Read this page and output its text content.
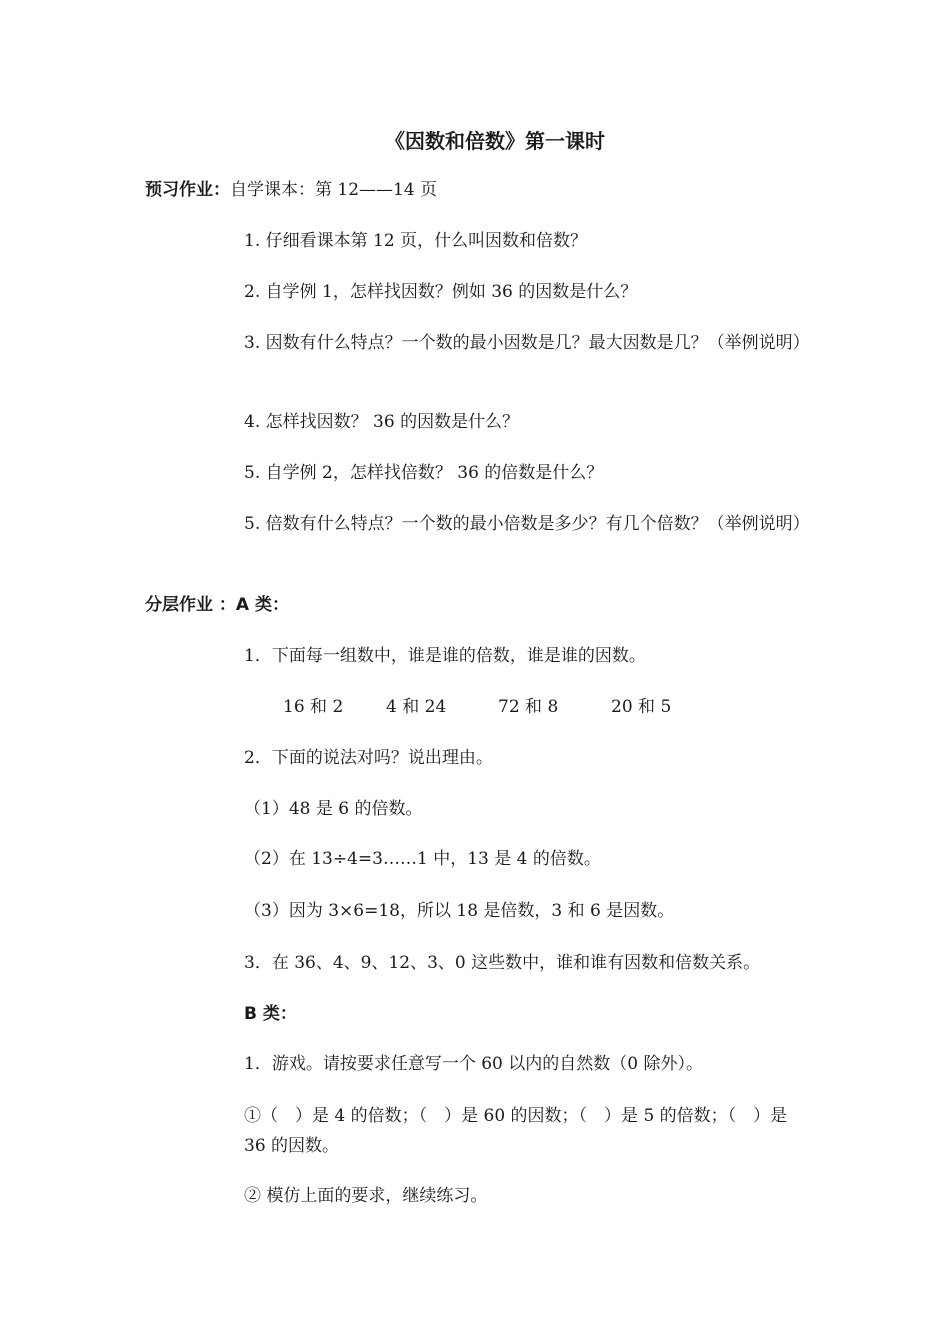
《因数和倍数》第一课时
预习作业：自学课本：第 12——14 页
1. 仔细看课本第 12 页，什么叫因数和倍数？
2. 自学例 1，怎样找因数？例如 36 的因数是什么？
3. 因数有什么特点？一个数的最小因数是几？最大因数是几？（举例说明）
4. 怎样找因数？ 36 的因数是什么？
5. 自学例 2，怎样找倍数？ 36 的倍数是什么？
5. 倍数有什么特点？一个数的最小倍数是多少？有几个倍数？（举例说明）
分层作业 ：A 类：
1．下面每一组数中，谁是谁的倍数，谁是谁的因数。
16 和 2	4 和 24	72 和 8	20 和 5
2．下面的说法对吗？说出理由。
（1）48 是 6 的倍数。
（2）在 13÷4=3……1 中，13 是 4 的倍数。
（3）因为 3×6=18，所以 18 是倍数，3 和 6 是因数。
3．在 36、4、9、12、3、0 这些数中，谁和谁有因数和倍数关系。
B 类：
1．游戏。请按要求任意写一个 60 以内的自然数（0 除外）。
①（　）是 4 的倍数；（　）是 60 的因数；（　）是 5 的倍数；（　）是 36 的因数。
② 模仿上面的要求，继续练习。
